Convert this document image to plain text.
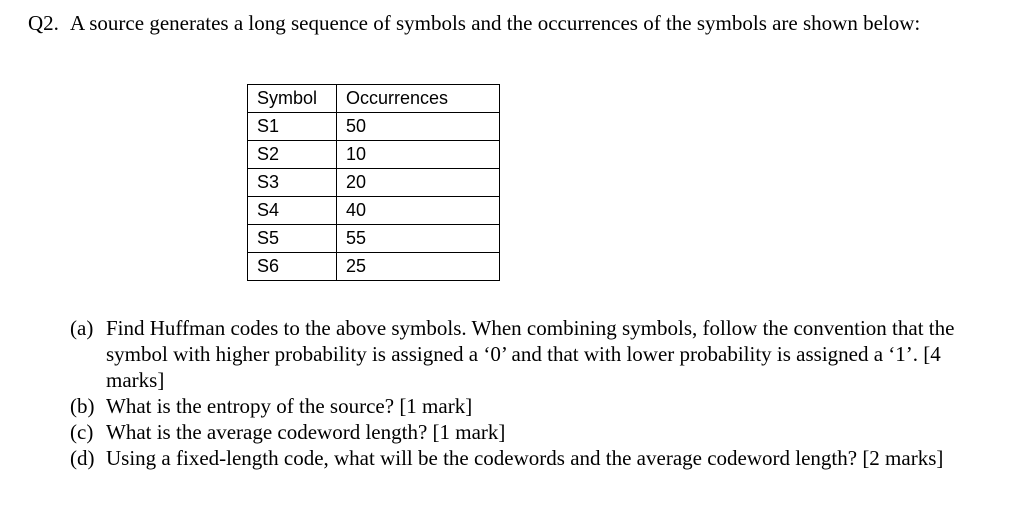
Q2. A source generates a long sequence of symbols and the occurrences of the symbols are shown below:
Symbol	Occurrences
S1	50
S2	10
S3	20
S4	40
S5	55
S6	25
(a) Find Huffman codes to the above symbols. When combining symbols, follow the convention that the symbol with higher probability is assigned a ‘0’ and that with lower probability is assigned a ‘1’. [4 marks]
(b) What is the entropy of the source? [1 mark]
(c) What is the average codeword length? [1 mark]
(d) Using a fixed-length code, what will be the codewords and the average codeword length? [2 marks]
